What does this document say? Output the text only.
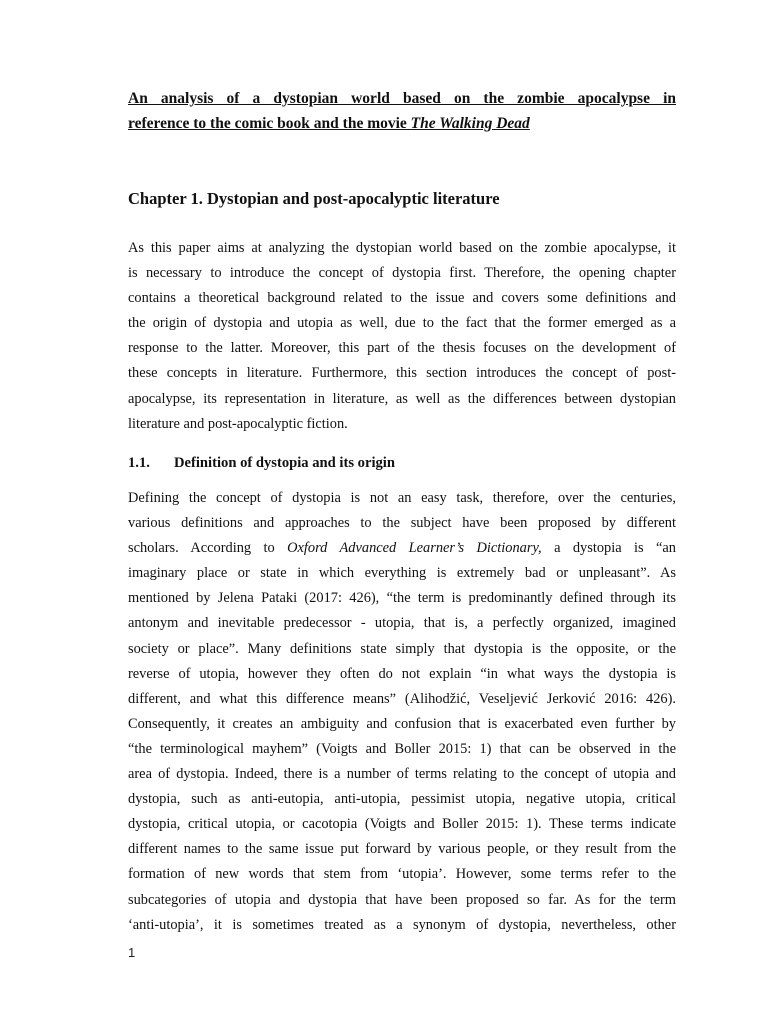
An analysis of a dystopian world based on the zombie apocalypse in
reference to the comic book and the movie The Walking Dead

Chapter 1. Dystopian and post-apocalyptic literature
As this paper aims at analyzing the dystopian world based on the zombie apocalypse, it
is necessary to introduce the concept of dystopia first. Therefore, the opening chapter
contains a theoretical background related to the issue and covers some definitions and
the origin of dystopia and utopia as well, due to the fact that the former emerged as a
response to the latter. Moreover, this part of the thesis focuses on the development of
these concepts in literature. Furthermore, this section introduces the concept of post-
apocalypse, its representation in literature, as well as the differences between dystopian
literature and post-apocalyptic fiction.
1.1. Definition of dystopia and its origin
Defining the concept of dystopia is not an easy task, therefore, over the centuries,
various definitions and approaches to the subject have been proposed by different
scholars. According to Oxford Advanced Learner’s Dictionary, a dystopia is “an
imaginary place or state in which everything is extremely bad or unpleasant”. As
mentioned by Jelena Pataki (2017: 426), “the term is predominantly defined through its
antonym and inevitable predecessor - utopia, that is, a perfectly organized, imagined
society or place”. Many definitions state simply that dystopia is the opposite, or the
reverse of utopia, however they often do not explain “in what ways the dystopia is
different, and what this difference means” (Alihodžić, Veseljević Jerković 2016: 426).
Consequently, it creates an ambiguity and confusion that is exacerbated even further by
“the terminological mayhem” (Voigts and Boller 2015: 1) that can be observed in the
area of dystopia. Indeed, there is a number of terms relating to the concept of utopia and
dystopia, such as anti-eutopia, anti-utopia, pessimist utopia, negative utopia, critical
dystopia, critical utopia, or cacotopia (Voigts and Boller 2015: 1). These terms indicate
different names to the same issue put forward by various people, or they result from the
formation of new words that stem from ‘utopia’. However, some terms refer to the
subcategories of utopia and dystopia that have been proposed so far. As for the term
‘anti-utopia’, it is sometimes treated as a synonym of dystopia, nevertheless, other
1
